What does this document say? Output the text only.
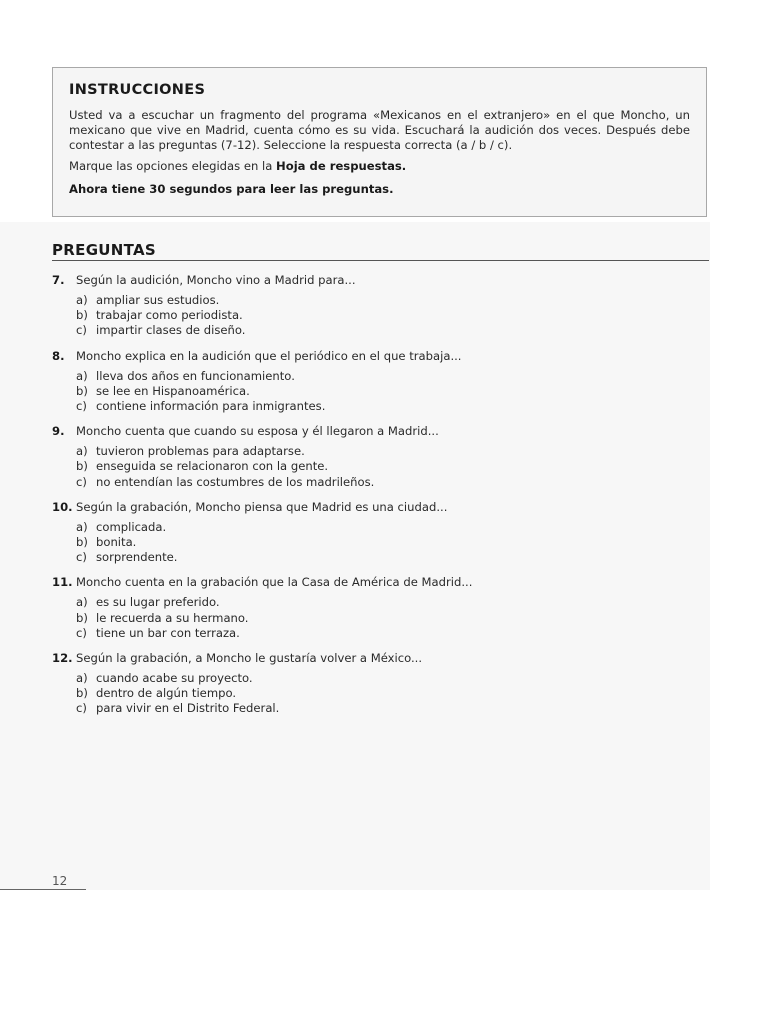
INSTRUCCIONES

Usted va a escuchar un fragmento del programa «Mexicanos en el extranjero» en el que Moncho, un mexicano que vive en Madrid, cuenta cómo es su vida. Escuchará la audición dos veces. Después debe contestar a las preguntas (7-12). Seleccione la respuesta correcta (a / b / c).

Marque las opciones elegidas en la Hoja de respuestas.

Ahora tiene 30 segundos para leer las preguntas.

PREGUNTAS
7. Según la audición, Moncho vino a Madrid para...
a) ampliar sus estudios.
b) trabajar como periodista.
c) impartir clases de diseño.
8. Moncho explica en la audición que el periódico en el que trabaja...
a) lleva dos años en funcionamiento.
b) se lee en Hispanoamérica.
c) contiene información para inmigrantes.
9. Moncho cuenta que cuando su esposa y él llegaron a Madrid...
a) tuvieron problemas para adaptarse.
b) enseguida se relacionaron con la gente.
c) no entendían las costumbres de los madrileños.
10. Según la grabación, Moncho piensa que Madrid es una ciudad...
a) complicada.
b) bonita.
c) sorprendente.
11. Moncho cuenta en la grabación que la Casa de América de Madrid...
a) es su lugar preferido.
b) le recuerda a su hermano.
c) tiene un bar con terraza.
12. Según la grabación, a Moncho le gustaría volver a México...
a) cuando acabe su proyecto.
b) dentro de algún tiempo.
c) para vivir en el Distrito Federal.
12
